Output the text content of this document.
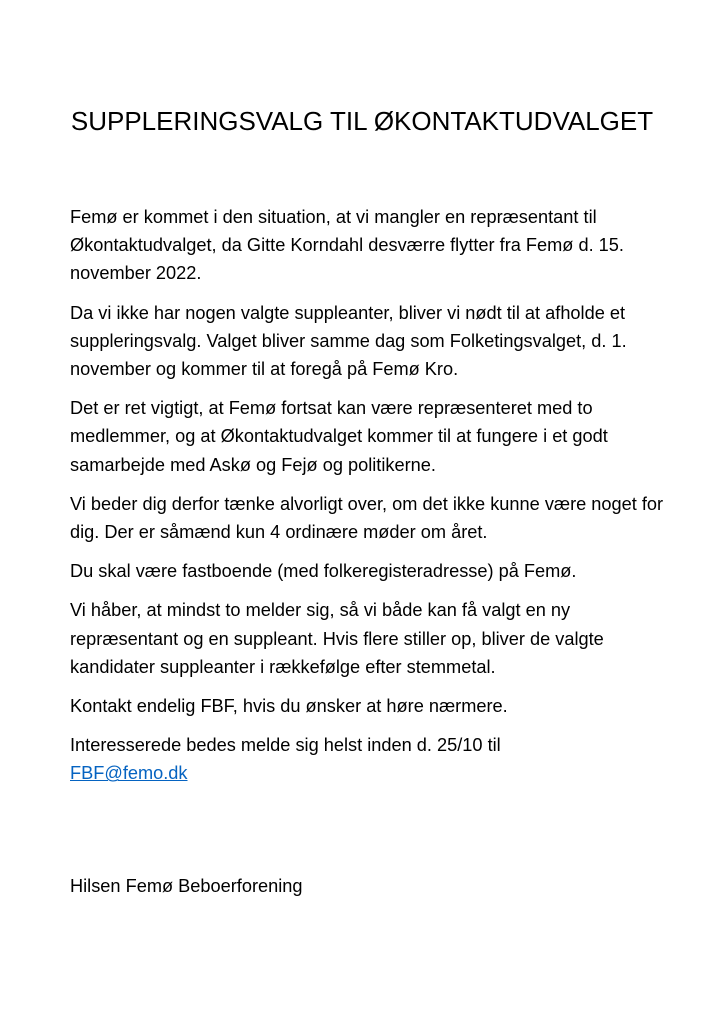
SUPPLERINGSVALG TIL ØKONTAKTUDVALGET

Femø er kommet i den situation, at vi mangler en repræsentant til Økontaktudvalget, da Gitte Korndahl desværre flytter fra Femø d. 15. november 2022.

Da vi ikke har nogen valgte suppleanter, bliver vi nødt til at afholde et suppleringsvalg. Valget bliver samme dag som Folketingsvalget, d. 1. november og kommer til at foregå på Femø Kro.

Det er ret vigtigt, at Femø fortsat kan være repræsenteret med to medlemmer, og at Økontaktudvalget kommer til at fungere i et godt samarbejde med Askø og Fejø og politikerne.

Vi beder dig derfor tænke alvorligt over, om det ikke kunne være noget for dig. Der er såmænd kun 4 ordinære møder om året.

Du skal være fastboende (med folkeregisteradresse) på Femø.

Vi håber, at mindst to melder sig, så vi både kan få valgt en ny repræsentant og en suppleant. Hvis flere stiller op, bliver de valgte kandidater suppleanter i rækkefølge efter stemmetal.

Kontakt endelig FBF, hvis du ønsker at høre nærmere.

Interesserede bedes melde sig helst inden d. 25/10 til
FBF@femo.dk

Hilsen Femø Beboerforening
